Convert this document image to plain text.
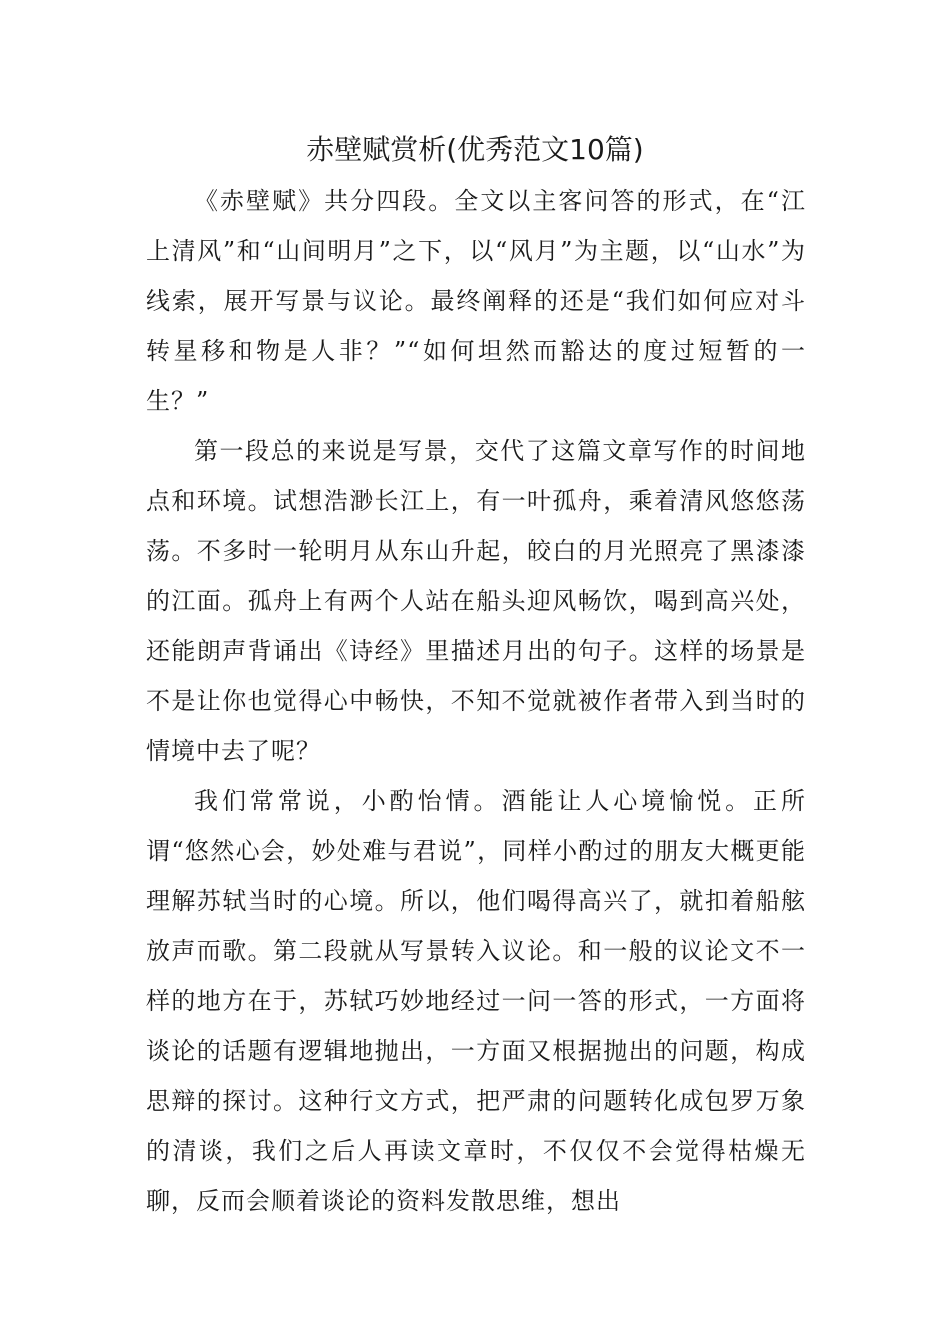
赤壁赋赏析(优秀范文10篇)

《赤壁赋》共分四段。全文以主客问答的形式，在“江上清风”和“山间明月”之下，以“风月”为主题，以“山水”为线索，展开写景与议论。最终阐释的还是“我们如何应对斗转星移和物是人非？”“如何坦然而豁达的度过短暂的一生？”

第一段总的来说是写景，交代了这篇文章写作的时间地点和环境。试想浩渺长江上，有一叶孤舟，乘着清风悠悠荡荡。不多时一轮明月从东山升起，皎白的月光照亮了黑漆漆的江面。孤舟上有两个人站在船头迎风畅饮，喝到高兴处，还能朗声背诵出《诗经》里描述月出的句子。这样的场景是不是让你也觉得心中畅快，不知不觉就被作者带入到当时的情境中去了呢？

我们常常说，小酌怡情。酒能让人心境愉悦。正所谓“悠然心会，妙处难与君说”，同样小酌过的朋友大概更能理解苏轼当时的心境。所以，他们喝得高兴了，就扣着船舷放声而歌。第二段就从写景转入议论。和一般的议论文不一样的地方在于，苏轼巧妙地经过一问一答的形式，一方面将谈论的话题有逻辑地抛出，一方面又根据抛出的问题，构成思辩的探讨。这种行文方式，把严肃的问题转化成包罗万象的清谈，我们之后人再读文章时，不仅仅不会觉得枯燥无聊，反而会顺着谈论的资料发散思维，想出
